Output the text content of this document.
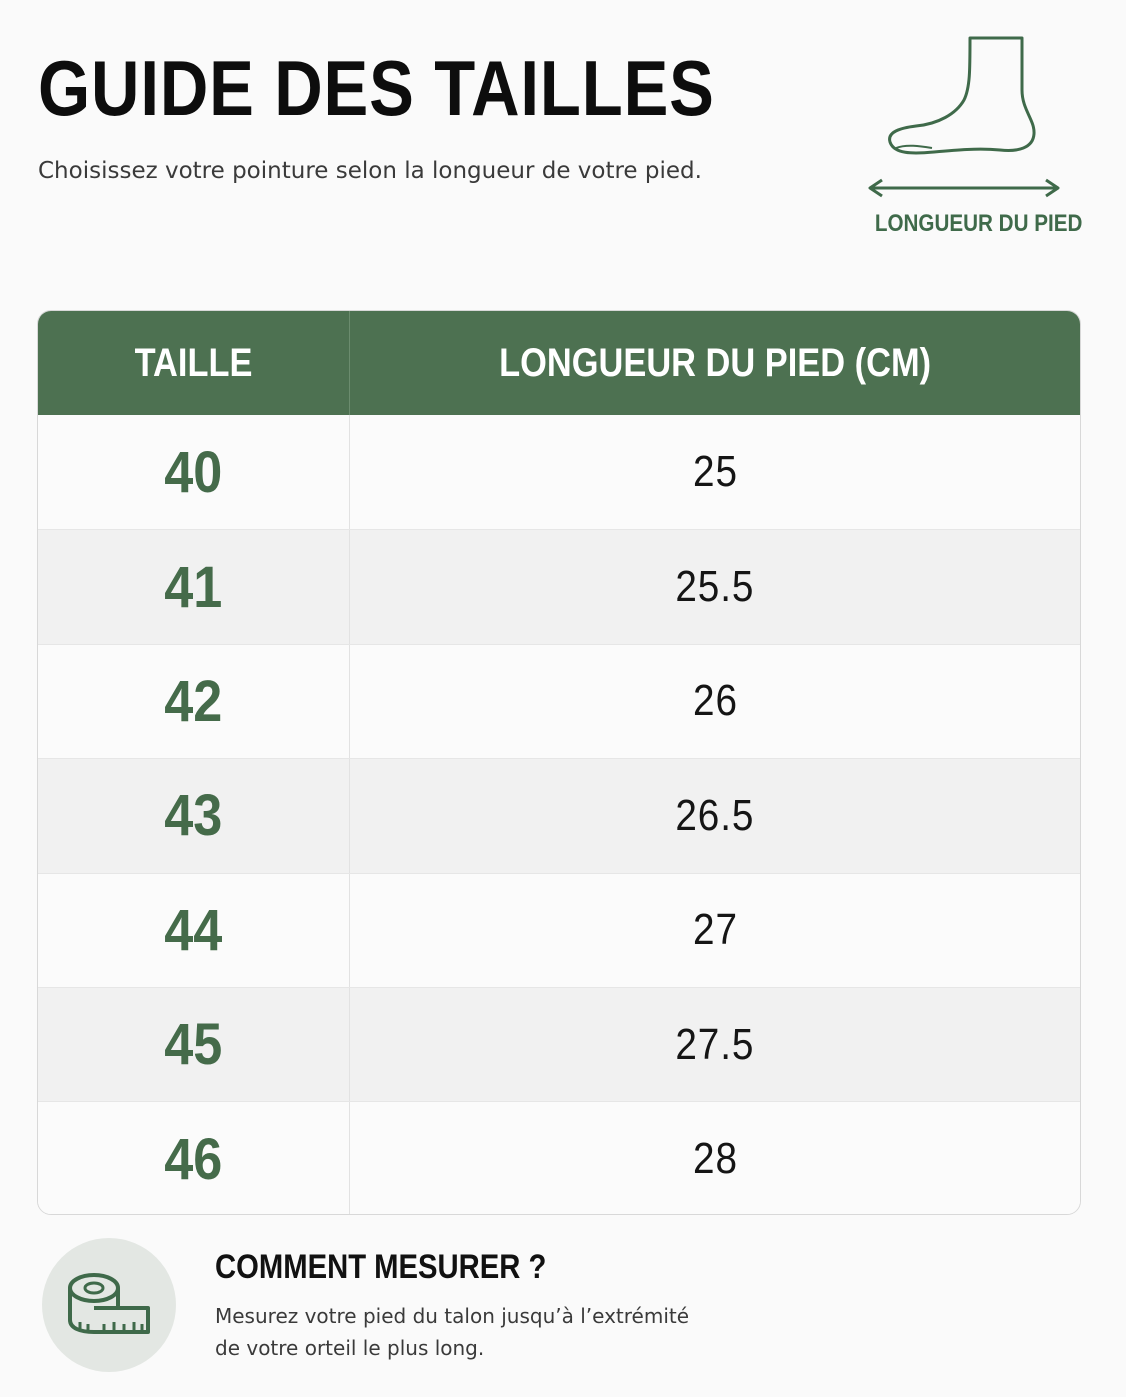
GUIDE DES TAILLES
Choisissez votre pointure selon la longueur de votre pied.
LONGUEUR DU PIED
TAILLE	LONGUEUR DU PIED (CM)
40	25
41	25.5
42	26
43	26.5
44	27
45	27.5
46	28
COMMENT MESURER ?
Mesurez votre pied du talon jusqu’à l’extrémité
de votre orteil le plus long.
